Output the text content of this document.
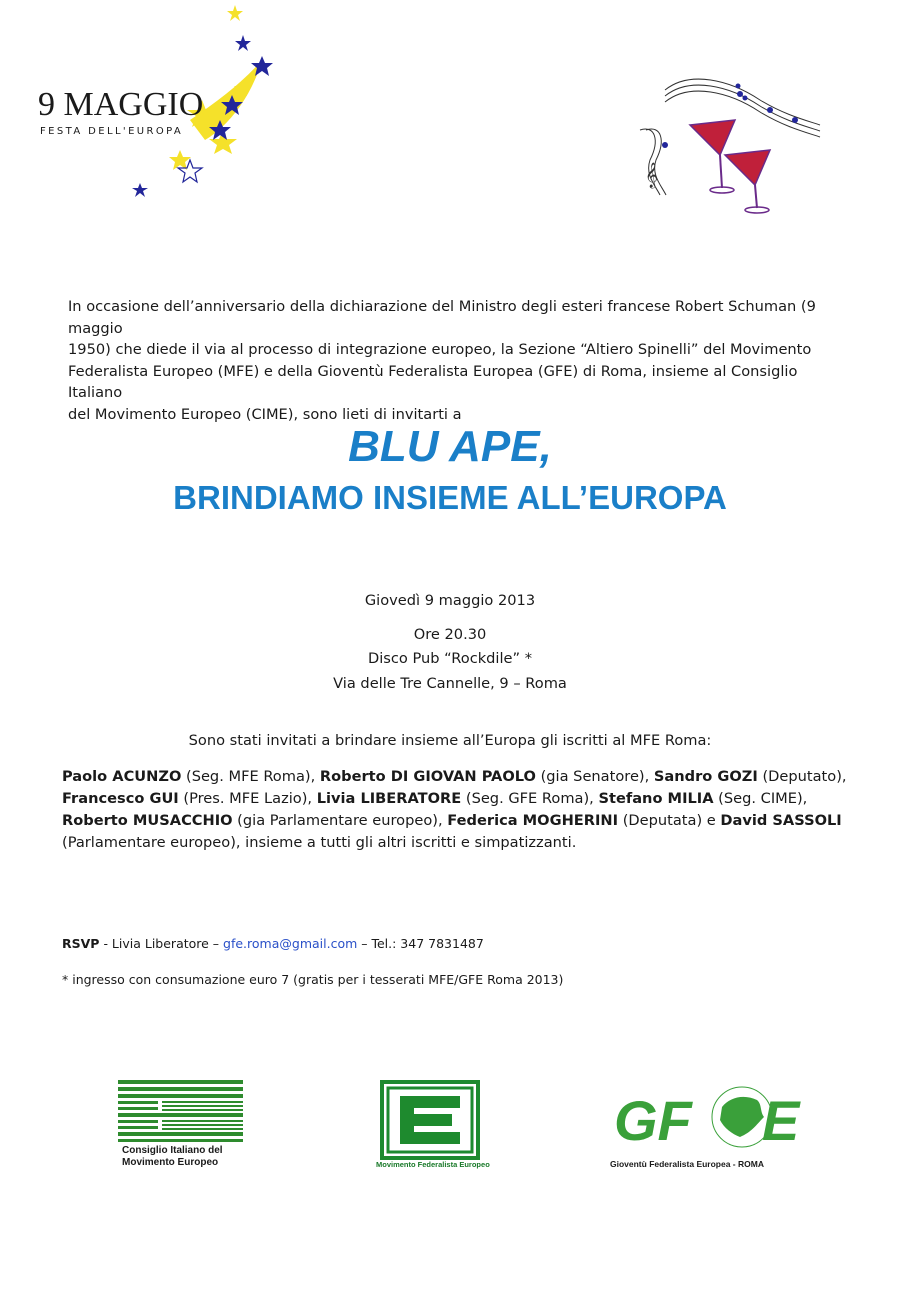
9 MAGGIO
FESTA DELL'EUROPA
𝄞
In occasione dell’anniversario della dichiarazione del Ministro degli esteri francese Robert Schuman (9 maggio
1950) che diede il via al processo di integrazione europeo, la Sezione “Altiero Spinelli” del Movimento
Federalista Europeo (MFE) e della Gioventù Federalista Europea (GFE) di Roma, insieme al Consiglio Italiano
del Movimento Europeo (CIME), sono lieti di invitarti a
BLU APE,
BRINDIAMO INSIEME ALL’EUROPA
Giovedì 9 maggio 2013
Ore 20.30
Disco Pub “Rockdile” *
Via delle Tre Cannelle, 9 – Roma
Sono stati invitati a brindare insieme all’Europa gli iscritti al MFE Roma:
Paolo ACUNZO (Seg. MFE Roma), Roberto DI GIOVAN PAOLO (gia Senatore), Sandro GOZI (Deputato), Francesco GUI (Pres. MFE Lazio), Livia LIBERATORE (Seg. GFE Roma), Stefano MILIA (Seg. CIME), Roberto MUSACCHIO (gia Parlamentare europeo), Federica MOGHERINI (Deputata) e David SASSOLI (Parlamentare europeo), insieme a tutti gli altri iscritti e simpatizzanti.
RSVP - Livia Liberatore – gfe.roma@gmail.com – Tel.: 347 7831487
* ingresso con consumazione euro 7 (gratis per i tesserati MFE/GFE Roma 2013)
Consiglio Italiano del
Movimento Europeo	Movimento Federalista Europeo
GF E
Gioventù Federalista Europea - ROMA
